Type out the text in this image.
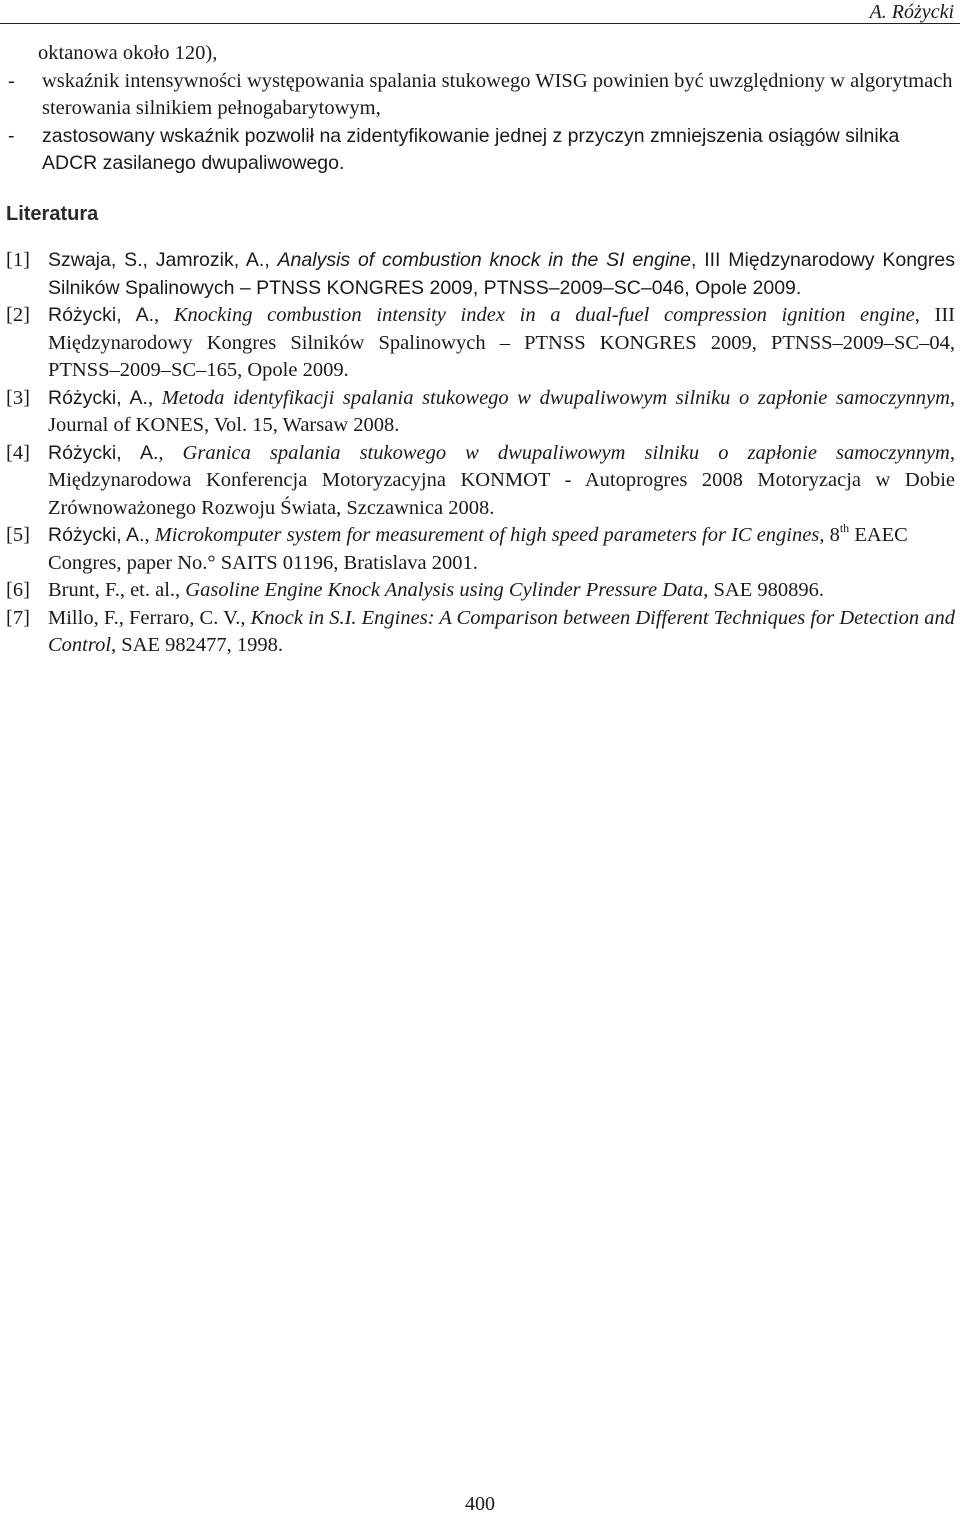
A. Różycki
oktanowa około 120),
-	wskaźnik intensywności występowania spalania stukowego WISG powinien być uwzględniony w algorytmach sterowania silnikiem pełnogabarytowym,
-	zastosowany wskaźnik pozwolił na zidentyfikowanie jednej z przyczyn zmniejszenia osiągów silnika ADCR zasilanego dwupaliwowego.
Literatura
[1] Szwaja, S., Jamrozik, A., Analysis of combustion knock in the SI engine, III Międzynarodowy Kongres Silników Spalinowych – PTNSS KONGRES 2009, PTNSS–2009–SC–046, Opole 2009.
[2] Różycki, A., Knocking combustion intensity index in a dual-fuel compression ignition engine, III Międzynarodowy Kongres Silników Spalinowych – PTNSS KONGRES 2009, PTNSS–2009–SC–04, PTNSS–2009–SC–165, Opole 2009.
[3] Różycki, A., Metoda identyfikacji spalania stukowego w dwupaliwowym silniku o zapłonie samoczynnym, Journal of KONES, Vol. 15, Warsaw 2008.
[4] Różycki, A., Granica spalania stukowego w dwupaliwowym silniku o zapłonie samoczynnym, Międzynarodowa Konferencja Motoryzacyjna KONMOT - Autoprogres 2008 Motoryzacja w Dobie Zrównoważonego Rozwoju Świata, Szczawnica 2008.
[5] Różycki, A., Microkomputer system for measurement of high speed parameters for IC engines, 8th EAEC Congres, paper No.° SAITS 01196, Bratislava 2001.
[6] Brunt, F., et. al., Gasoline Engine Knock Analysis using Cylinder Pressure Data, SAE 980896.
[7] Millo, F., Ferraro, C. V., Knock in S.I. Engines: A Comparison between Different Techniques for Detection and Control, SAE 982477, 1998.
400
